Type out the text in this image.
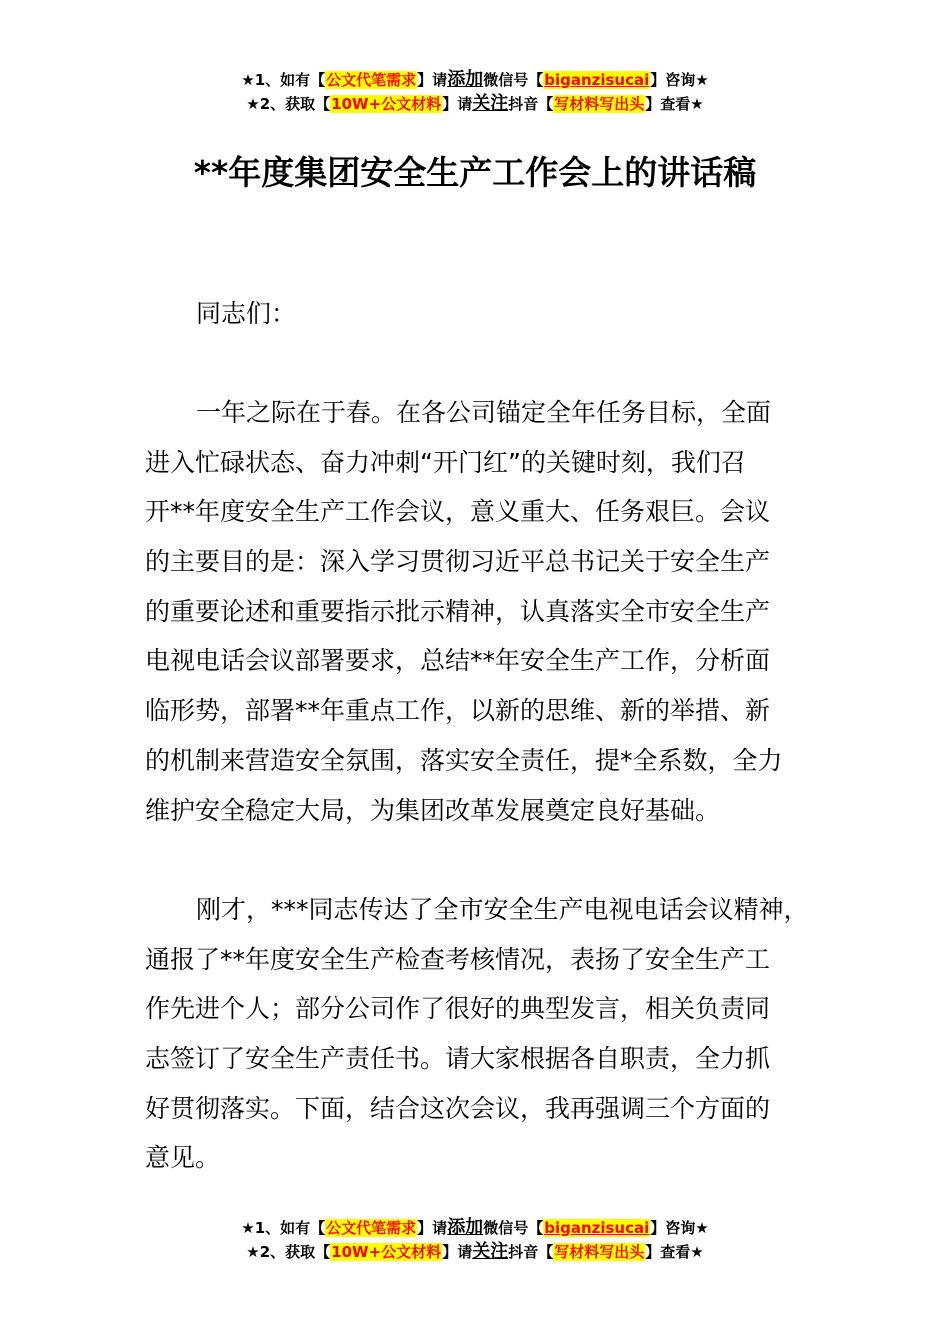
★1、如有【公文代笔需求】请添加微信号【biganzisucai】咨询★
★2、获取【10W+公文材料】请关注抖音【写材料写出头】查看★
**年度集团安全生产工作会上的讲话稿
同志们：
一年之际在于春。在各公司锚定全年任务目标，全面
进入忙碌状态、奋力冲刺“开门红”的关键时刻，我们召
开**年度安全生产工作会议，意义重大、任务艰巨。会议
的主要目的是：深入学习贯彻习近平总书记关于安全生产
的重要论述和重要指示批示精神，认真落实全市安全生产
电视电话会议部署要求，总结**年安全生产工作，分析面
临形势，部署**年重点工作，以新的思维、新的举措、新
的机制来营造安全氛围，落实安全责任，提*全系数，全力
维护安全稳定大局，为集团改革发展奠定良好基础。
刚才，***同志传达了全市安全生产电视电话会议精神，
通报了**年度安全生产检查考核情况，表扬了安全生产工
作先进个人；部分公司作了很好的典型发言，相关负责同
志签订了安全生产责任书。请大家根据各自职责，全力抓
好贯彻落实。下面，结合这次会议，我再强调三个方面的
意见。
★1、如有【公文代笔需求】请添加微信号【biganzisucai】咨询★
★2、获取【10W+公文材料】请关注抖音【写材料写出头】查看★
